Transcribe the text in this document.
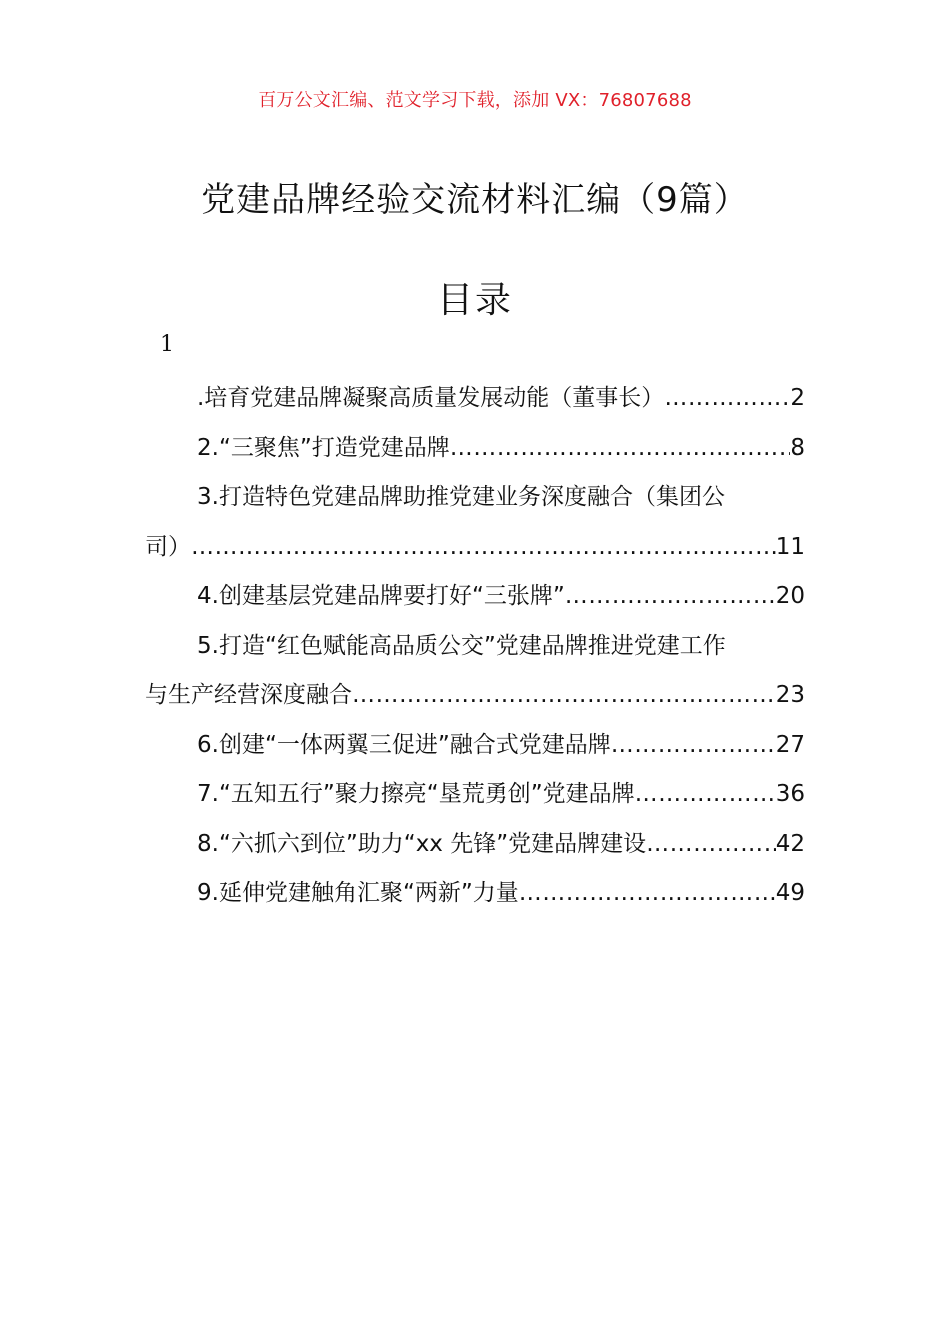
百万公文汇编、范文学习下载，添加 VX：76807688
党建品牌经验交流材料汇编（9篇）
目录
1
.培育党建品牌凝聚高质量发展动能（董事长） ……………………………………………………………………………………………………………………………………………………………………………………	2
2.“三聚焦”打造党建品牌 ……………………………………………………………………………………………………………………………………………………………………………………	8
3.打造特色党建品牌助推党建业务深度融合（集团公
司） ……………………………………………………………………………………………………………………………………………………………………………………	11
4.创建基层党建品牌要打好“三张牌” ……………………………………………………………………………………………………………………………………………………………………………………	20
5.打造“红色赋能高品质公交”党建品牌推进党建工作
与生产经营深度融合 ……………………………………………………………………………………………………………………………………………………………………………………	23
6.创建“一体两翼三促进”融合式党建品牌 ……………………………………………………………………………………………………………………………………………………………………………………	27
7.“五知五行”聚力擦亮“垦荒勇创”党建品牌 ……………………………………………………………………………………………………………………………………………………………………………………	36
8.“六抓六到位”助力“xx 先锋”党建品牌建设 ……………………………………………………………………………………………………………………………………………………………………………………	42
9.延伸党建触角汇聚“两新”力量 ……………………………………………………………………………………………………………………………………………………………………………………	49
